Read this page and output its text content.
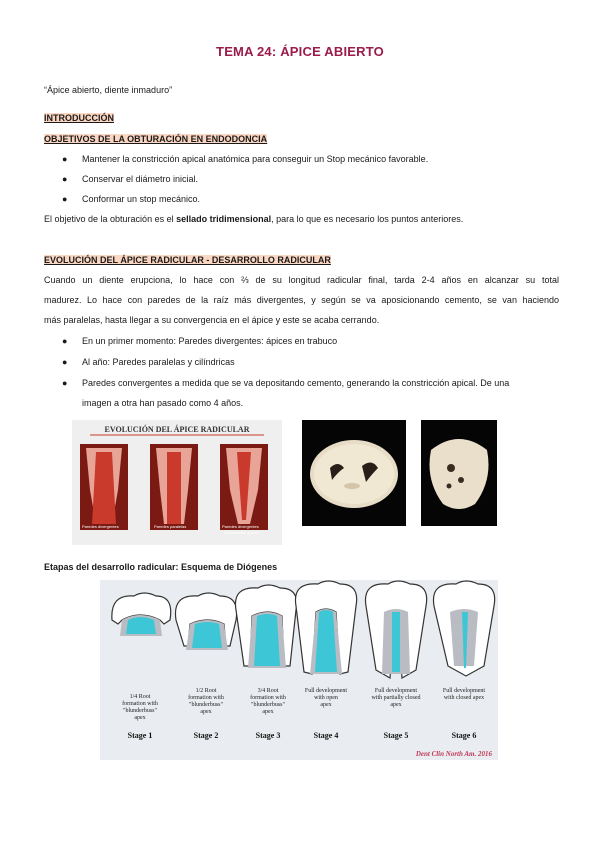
TEMA 24: ÁPICE ABIERTO
“Ápice abierto, diente inmaduro”
INTRODUCCIÓN
OBJETIVOS DE LA OBTURACIÓN EN ENDODONCIA
● Mantener la constricción apical anatómica para conseguir un Stop mecánico favorable.
● Conservar el diámetro inicial.
● Conformar un stop mecánico.
El objetivo de la obturación es el sellado tridimensional, para lo que es necesario los puntos anteriores.
EVOLUCIÓN DEL ÁPICE RADICULAR - DESARROLLO RADICULAR
Cuando un diente erupciona, lo hace con ⅔ de su longitud radicular final, tarda 2-4 años en alcanzar su total
madurez. Lo hace con paredes de la raíz más divergentes, y según se va aposicionando cemento, se van haciendo
más paralelas, hasta llegar a su convergencia en el ápice y este se acaba cerrando.
● En un primer momento: Paredes divergentes: ápices en trabuco
● Al año: Paredes paralelas y cilíndricas
● Paredes convergentes a medida que se va depositando cemento, generando la constricción apical. De una
imagen a otra han pasado como 4 años.
EVOLUCIÓN DEL ÁPICE RADICULAR
Paredes divergentes	Paredes paralelas	Paredes divergentes
Constricción apical
Etapas del desarrollo radicular: Esquema de Diógenes
1/4 Root
formation with
"blunderbuss"
apex
1/2 Root
formation with
"blunderbuss"
apex
3/4 Root
formation with
"blunderbuss"
apex
Full development
with open
apex
Full development
with partially closed
apex
Full development
with closed apex
Stage 1	Stage 2	Stage 3	Stage 4	Stage 5	Stage 6
Dent Clin North Am. 2016
